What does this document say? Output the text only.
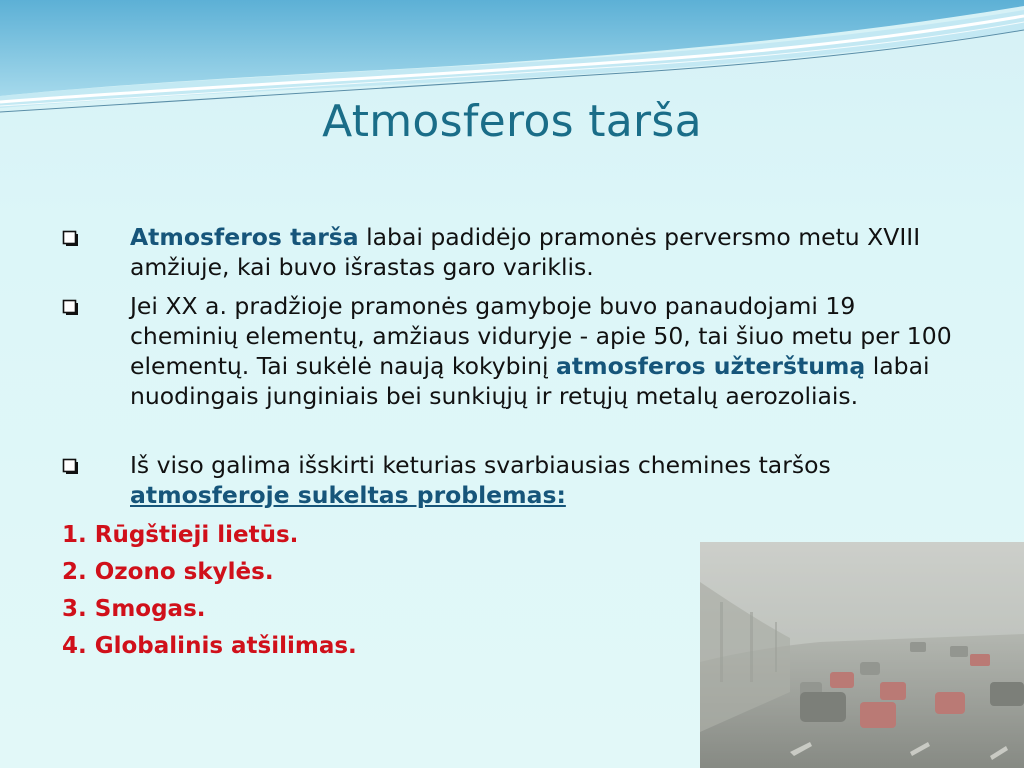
Atmosferos tarša
Atmosferos tarša labai padidėjo pramonės perversmo metu XVIII amžiuje, kai buvo išrastas garo variklis.
Jei XX a. pradžioje pramonės gamyboje buvo panaudojami 19 cheminių elementų, amžiaus viduryje - apie 50, tai šiuo metu per 100 elementų. Tai sukėlė naują kokybinį atmosferos užterštumą labai nuodingais junginiais bei sunkiųjų ir retųjų metalų aerozoliais.
Iš viso galima išskirti keturias svarbiausias chemines taršos atmosferoje sukeltas problemas:
1. Rūgštieji lietūs.
2. Ozono skylės.
3. Smogas.
4. Globalinis atšilimas.
